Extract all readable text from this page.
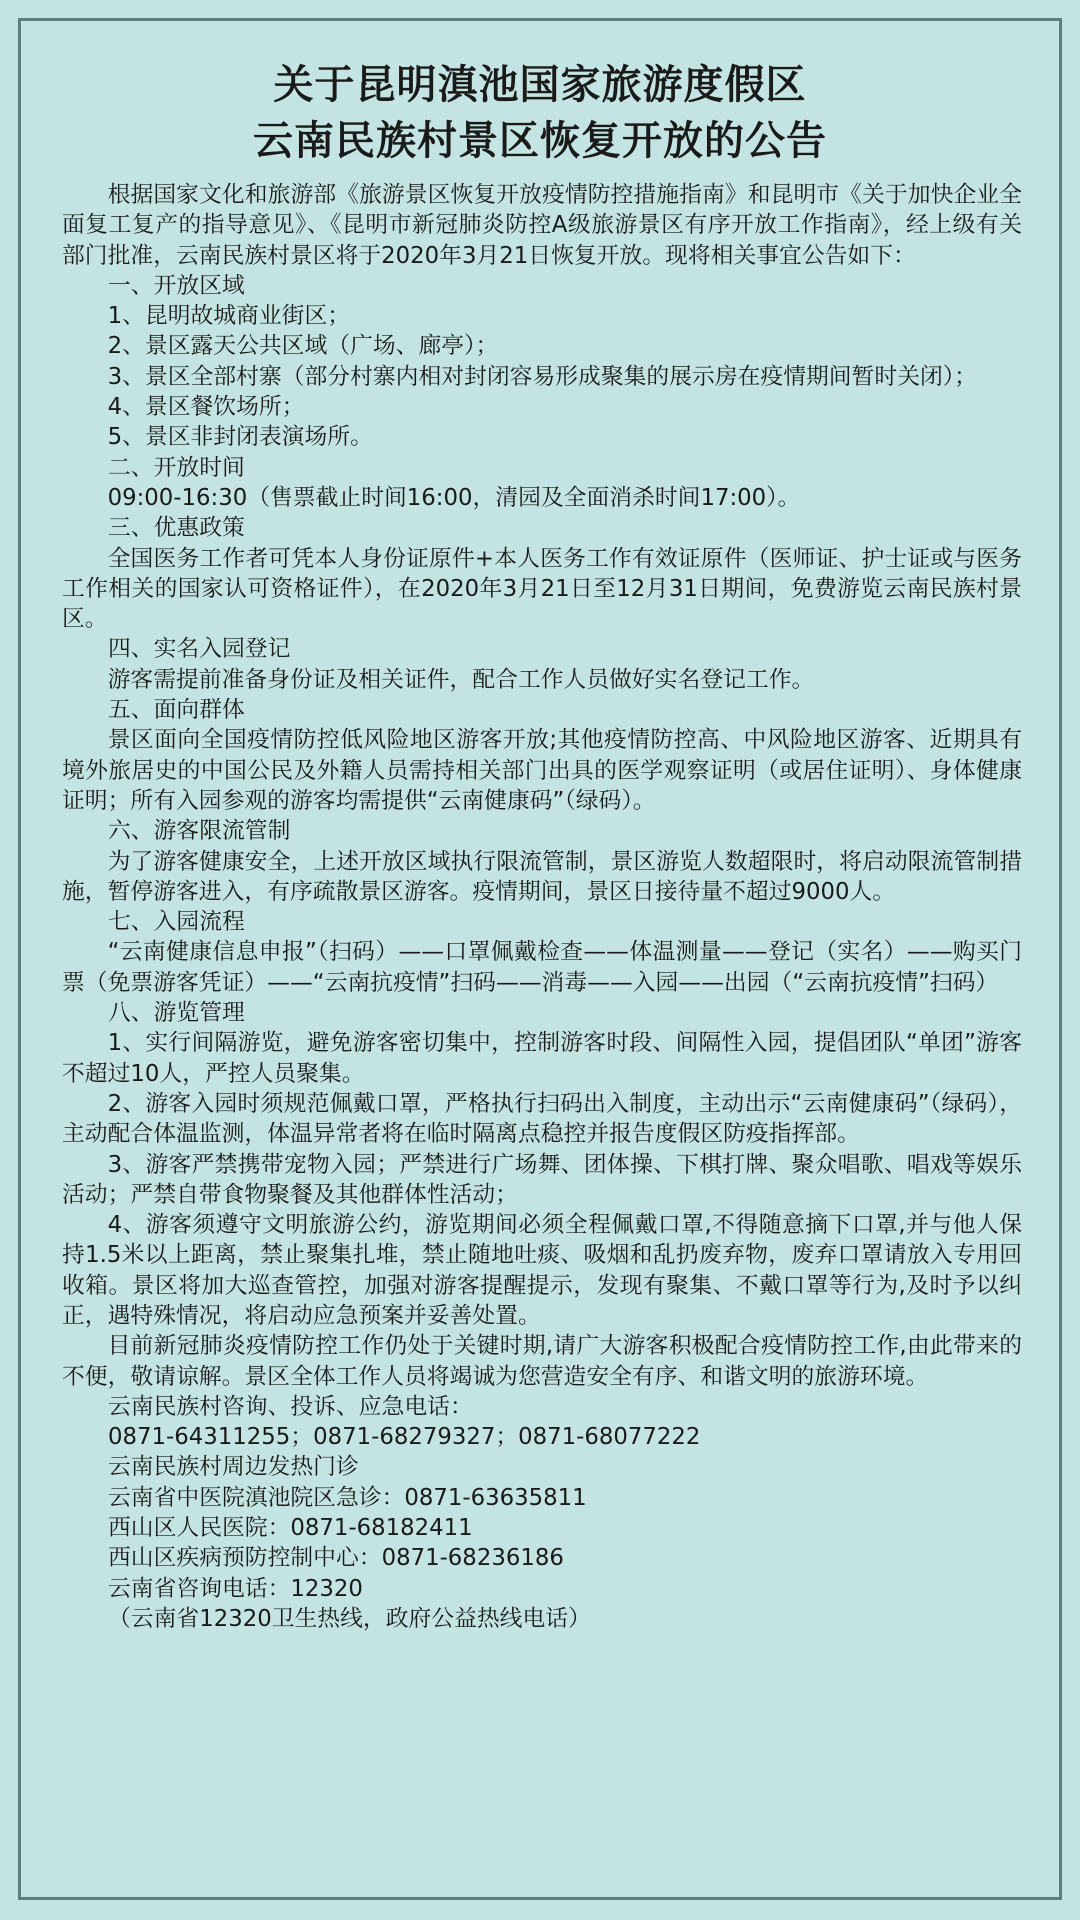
关于昆明滇池国家旅游度假区
云南民族村景区恢复开放的公告

根据国家文化和旅游部《旅游景区恢复开放疫情防控措施指南》和昆明市《关于加快企业全面复工复产的指导意见》、《昆明市新冠肺炎防控A级旅游景区有序开放工作指南》，经上级有关部门批准，云南民族村景区将于2020年3月21日恢复开放。现将相关事宜公告如下：

一、开放区域

1、昆明故城商业街区；

2、景区露天公共区域（广场、廊亭）；

3、景区全部村寨（部分村寨内相对封闭容易形成聚集的展示房在疫情期间暂时关闭）；

4、景区餐饮场所；

5、景区非封闭表演场所。

二、开放时间

09:00-16:30（售票截止时间16:00，清园及全面消杀时间17:00）。

三、优惠政策

全国医务工作者可凭本人身份证原件+本人医务工作有效证原件（医师证、护士证或与医务工作相关的国家认可资格证件），在2020年3月21日至12月31日期间，免费游览云南民族村景区。

四、实名入园登记

游客需提前准备身份证及相关证件，配合工作人员做好实名登记工作。

五、面向群体

景区面向全国疫情防控低风险地区游客开放;其他疫情防控高、中风险地区游客、近期具有境外旅居史的中国公民及外籍人员需持相关部门出具的医学观察证明（或居住证明）、身体健康证明；所有入园参观的游客均需提供“云南健康码”（绿码）。

六、游客限流管制

为了游客健康安全，上述开放区域执行限流管制，景区游览人数超限时，将启动限流管制措施，暂停游客进入，有序疏散景区游客。疫情期间，景区日接待量不超过9000人。

七、入园流程

“云南健康信息申报”（扫码）——口罩佩戴检查——体温测量——登记（实名）——购买门票（免票游客凭证）——“云南抗疫情”扫码——消毒——入园——出园（“云南抗疫情”扫码）

八、游览管理

1、实行间隔游览，避免游客密切集中，控制游客时段、间隔性入园，提倡团队“单团”游客不超过10人，严控人员聚集。

2、游客入园时须规范佩戴口罩，严格执行扫码出入制度，主动出示“云南健康码”（绿码），主动配合体温监测，体温异常者将在临时隔离点稳控并报告度假区防疫指挥部。

3、游客严禁携带宠物入园；严禁进行广场舞、团体操、下棋打牌、聚众唱歌、唱戏等娱乐活动；严禁自带食物聚餐及其他群体性活动；

4、游客须遵守文明旅游公约，游览期间必须全程佩戴口罩,不得随意摘下口罩,并与他人保持1.5米以上距离，禁止聚集扎堆，禁止随地吐痰、吸烟和乱扔废弃物，废弃口罩请放入专用回收箱。景区将加大巡查管控，加强对游客提醒提示，发现有聚集、不戴口罩等行为,及时予以纠正，遇特殊情况，将启动应急预案并妥善处置。

目前新冠肺炎疫情防控工作仍处于关键时期,请广大游客积极配合疫情防控工作,由此带来的不便，敬请谅解。景区全体工作人员将竭诚为您营造安全有序、和谐文明的旅游环境。

云南民族村咨询、投诉、应急电话：

0871-64311255；0871-68279327；0871-68077222

云南民族村周边发热门诊

云南省中医院滇池院区急诊：0871-63635811

西山区人民医院：0871-68182411

西山区疾病预防控制中心：0871-68236186

云南省咨询电话：12320

（云南省12320卫生热线，政府公益热线电话）
